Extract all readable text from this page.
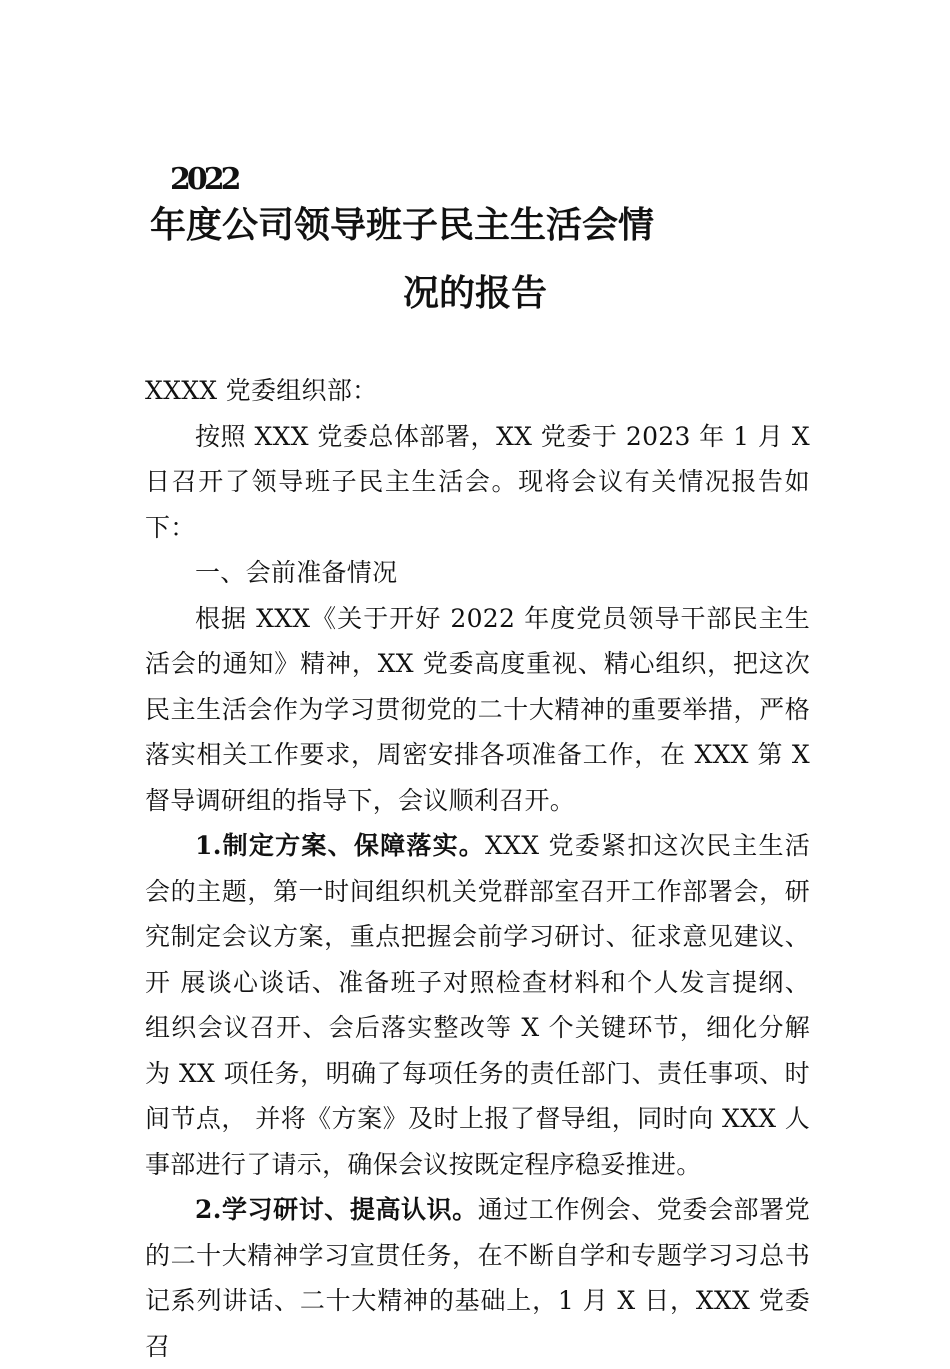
2022
年度公司领导班子民主生活会情
况的报告

XXXX 党委组织部：

按照 XXX 党委总体部署，XX 党委于 2023 年 1 月 X 日召开了领导班子民主生活会。现将会议有关情况报告如下：

一、会前准备情况

根据 XXX《关于开好 2022 年度党员领导干部民主生活会的通知》精神，XX 党委高度重视、精心组织，把这次民主生活会作为学习贯彻党的二十大精神的重要举措，严格落实相关工作要求，周密安排各项准备工作，在 XXX 第 X 督导调研组的指导下，会议顺利召开。

1.制定方案、保障落实。XXX 党委紧扣这次民主生活会的主题，第一时间组织机关党群部室召开工作部署会，研究制定会议方案，重点把握会前学习研讨、征求意见建议、开 展谈心谈话、准备班子对照检查材料和个人发言提纲、组织会议召开、会后落实整改等 X 个关键环节，细化分解为 XX 项任务，明确了每项任务的责任部门、责任事项、时间节点， 并将《方案》及时上报了督导组，同时向 XXX 人事部进行了请示，确保会议按既定程序稳妥推进。

2.学习研讨、提高认识。通过工作例会、党委会部署党的二十大精神学习宣贯任务，在不断自学和专题学习习总书记系列讲话、二十大精神的基础上，1 月 X 日，XXX 党委召
